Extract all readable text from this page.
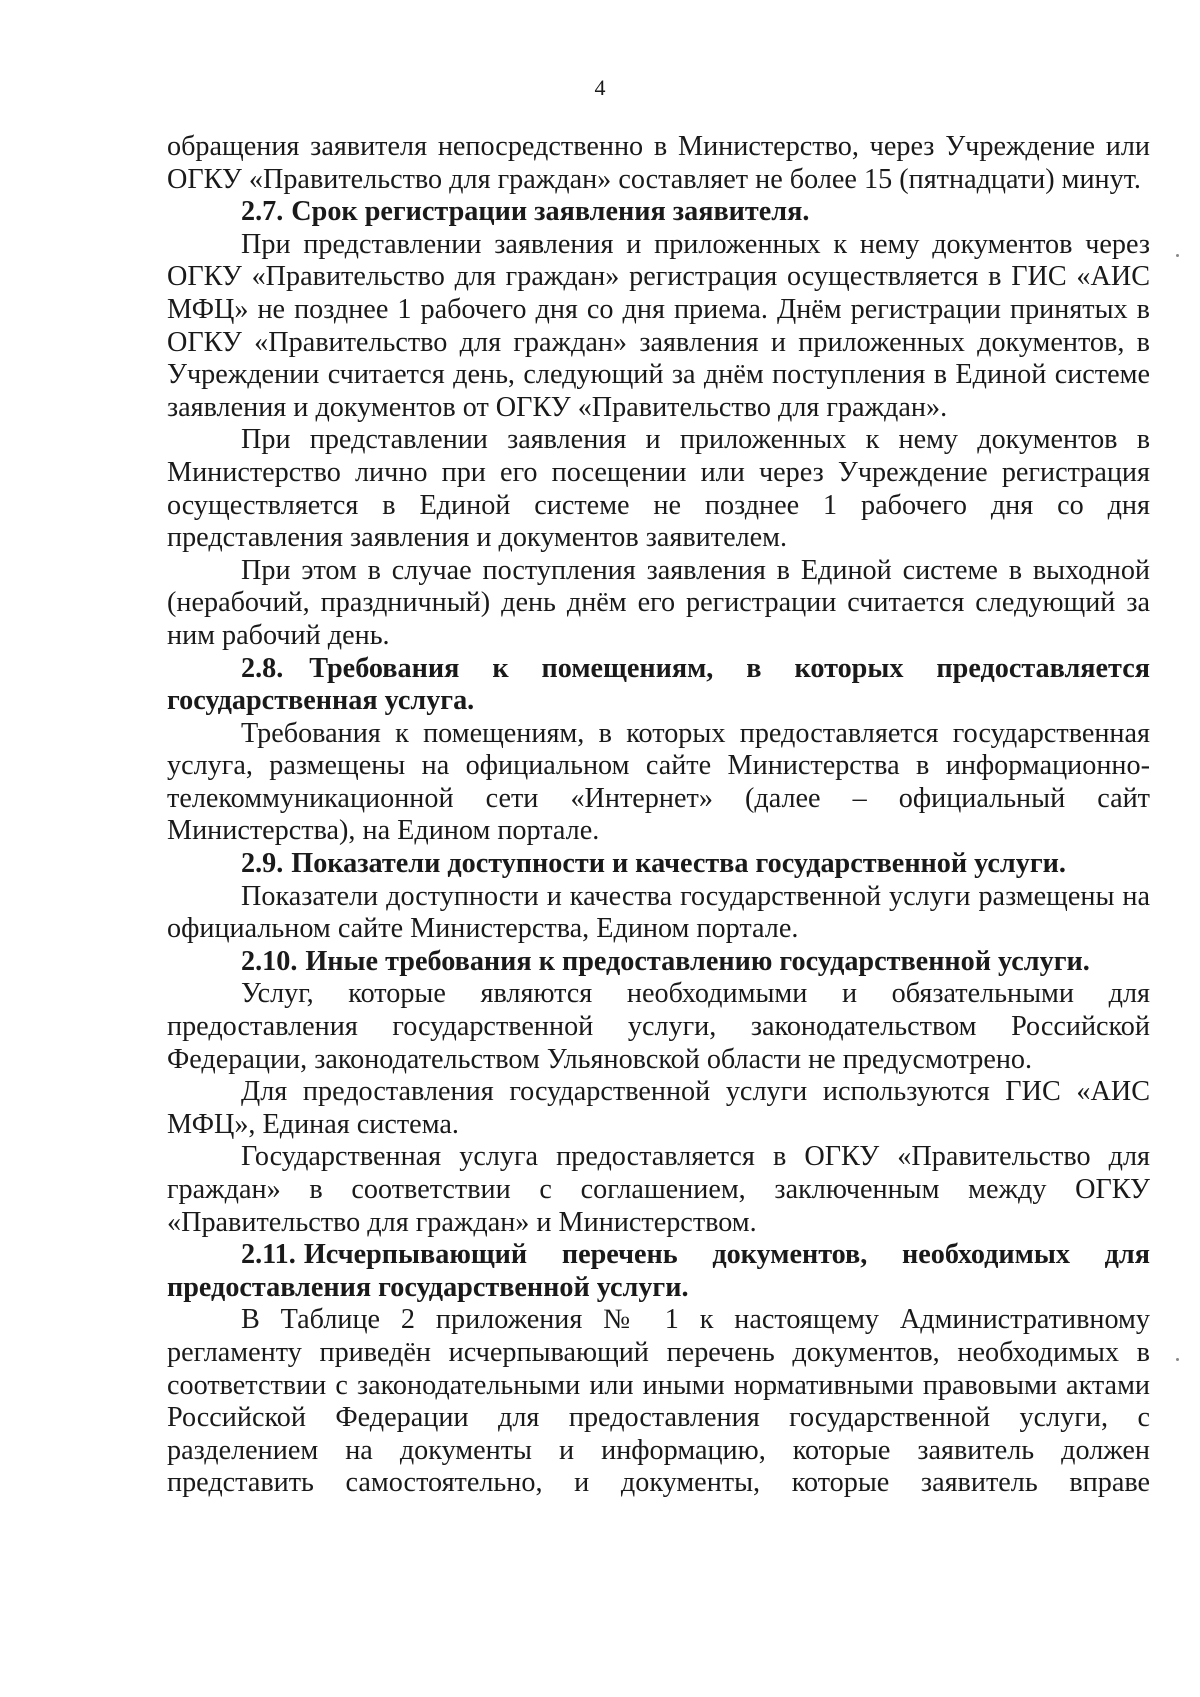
4

обращения заявителя непосредственно в Министерство, через Учреждение или ОГКУ «Правительство для граждан» составляет не более 15 (пятнадцати) минут.

2.7. Срок регистрации заявления заявителя.

При представлении заявления и приложенных к нему документов через ОГКУ «Правительство для граждан» регистрация осуществляется в ГИС «АИС МФЦ» не позднее 1 рабочего дня со дня приема. Днём регистрации принятых в ОГКУ «Правительство для граждан» заявления и приложенных документов, в Учреждении считается день, следующий за днём поступления в Единой системе заявления и документов от ОГКУ «Правительство для граждан».

При представлении заявления и приложенных к нему документов в Министерство лично при его посещении или через Учреждение регистрация осуществляется в Единой системе не позднее 1 рабочего дня со дня представления заявления и документов заявителем.

При этом в случае поступления заявления в Единой системе в выходной (нерабочий, праздничный) день днём его регистрации считается следующий за ним рабочий день.

2.8. Требования к помещениям, в которых предоставляется государственная услуга.

Требования к помещениям, в которых предоставляется государственная услуга, размещены на официальном сайте Министерства в информационно-телекоммуникационной сети «Интернет» (далее – официальный сайт Министерства), на Едином портале.

2.9. Показатели доступности и качества государственной услуги.

Показатели доступности и качества государственной услуги размещены на официальном сайте Министерства, Едином портале.

2.10. Иные требования к предоставлению государственной услуги.

Услуг, которые являются необходимыми и обязательными для предоставления государственной услуги, законодательством Российской Федерации, законодательством Ульяновской области не предусмотрено.

Для предоставления государственной услуги используются ГИС «АИС МФЦ», Единая система.

Государственная услуга предоставляется в ОГКУ «Правительство для граждан» в соответствии с соглашением, заключенным между ОГКУ «Правительство для граждан» и Министерством.

2.11. Исчерпывающий перечень документов, необходимых для предоставления государственной услуги.

В Таблице 2 приложения № 1 к настоящему Административному регламенту приведён исчерпывающий перечень документов, необходимых в соответствии с законодательными или иными нормативными правовыми актами Российской Федерации для предоставления государственной услуги, с разделением на документы и информацию, которые заявитель должен представить самостоятельно, и документы, которые заявитель вправе
